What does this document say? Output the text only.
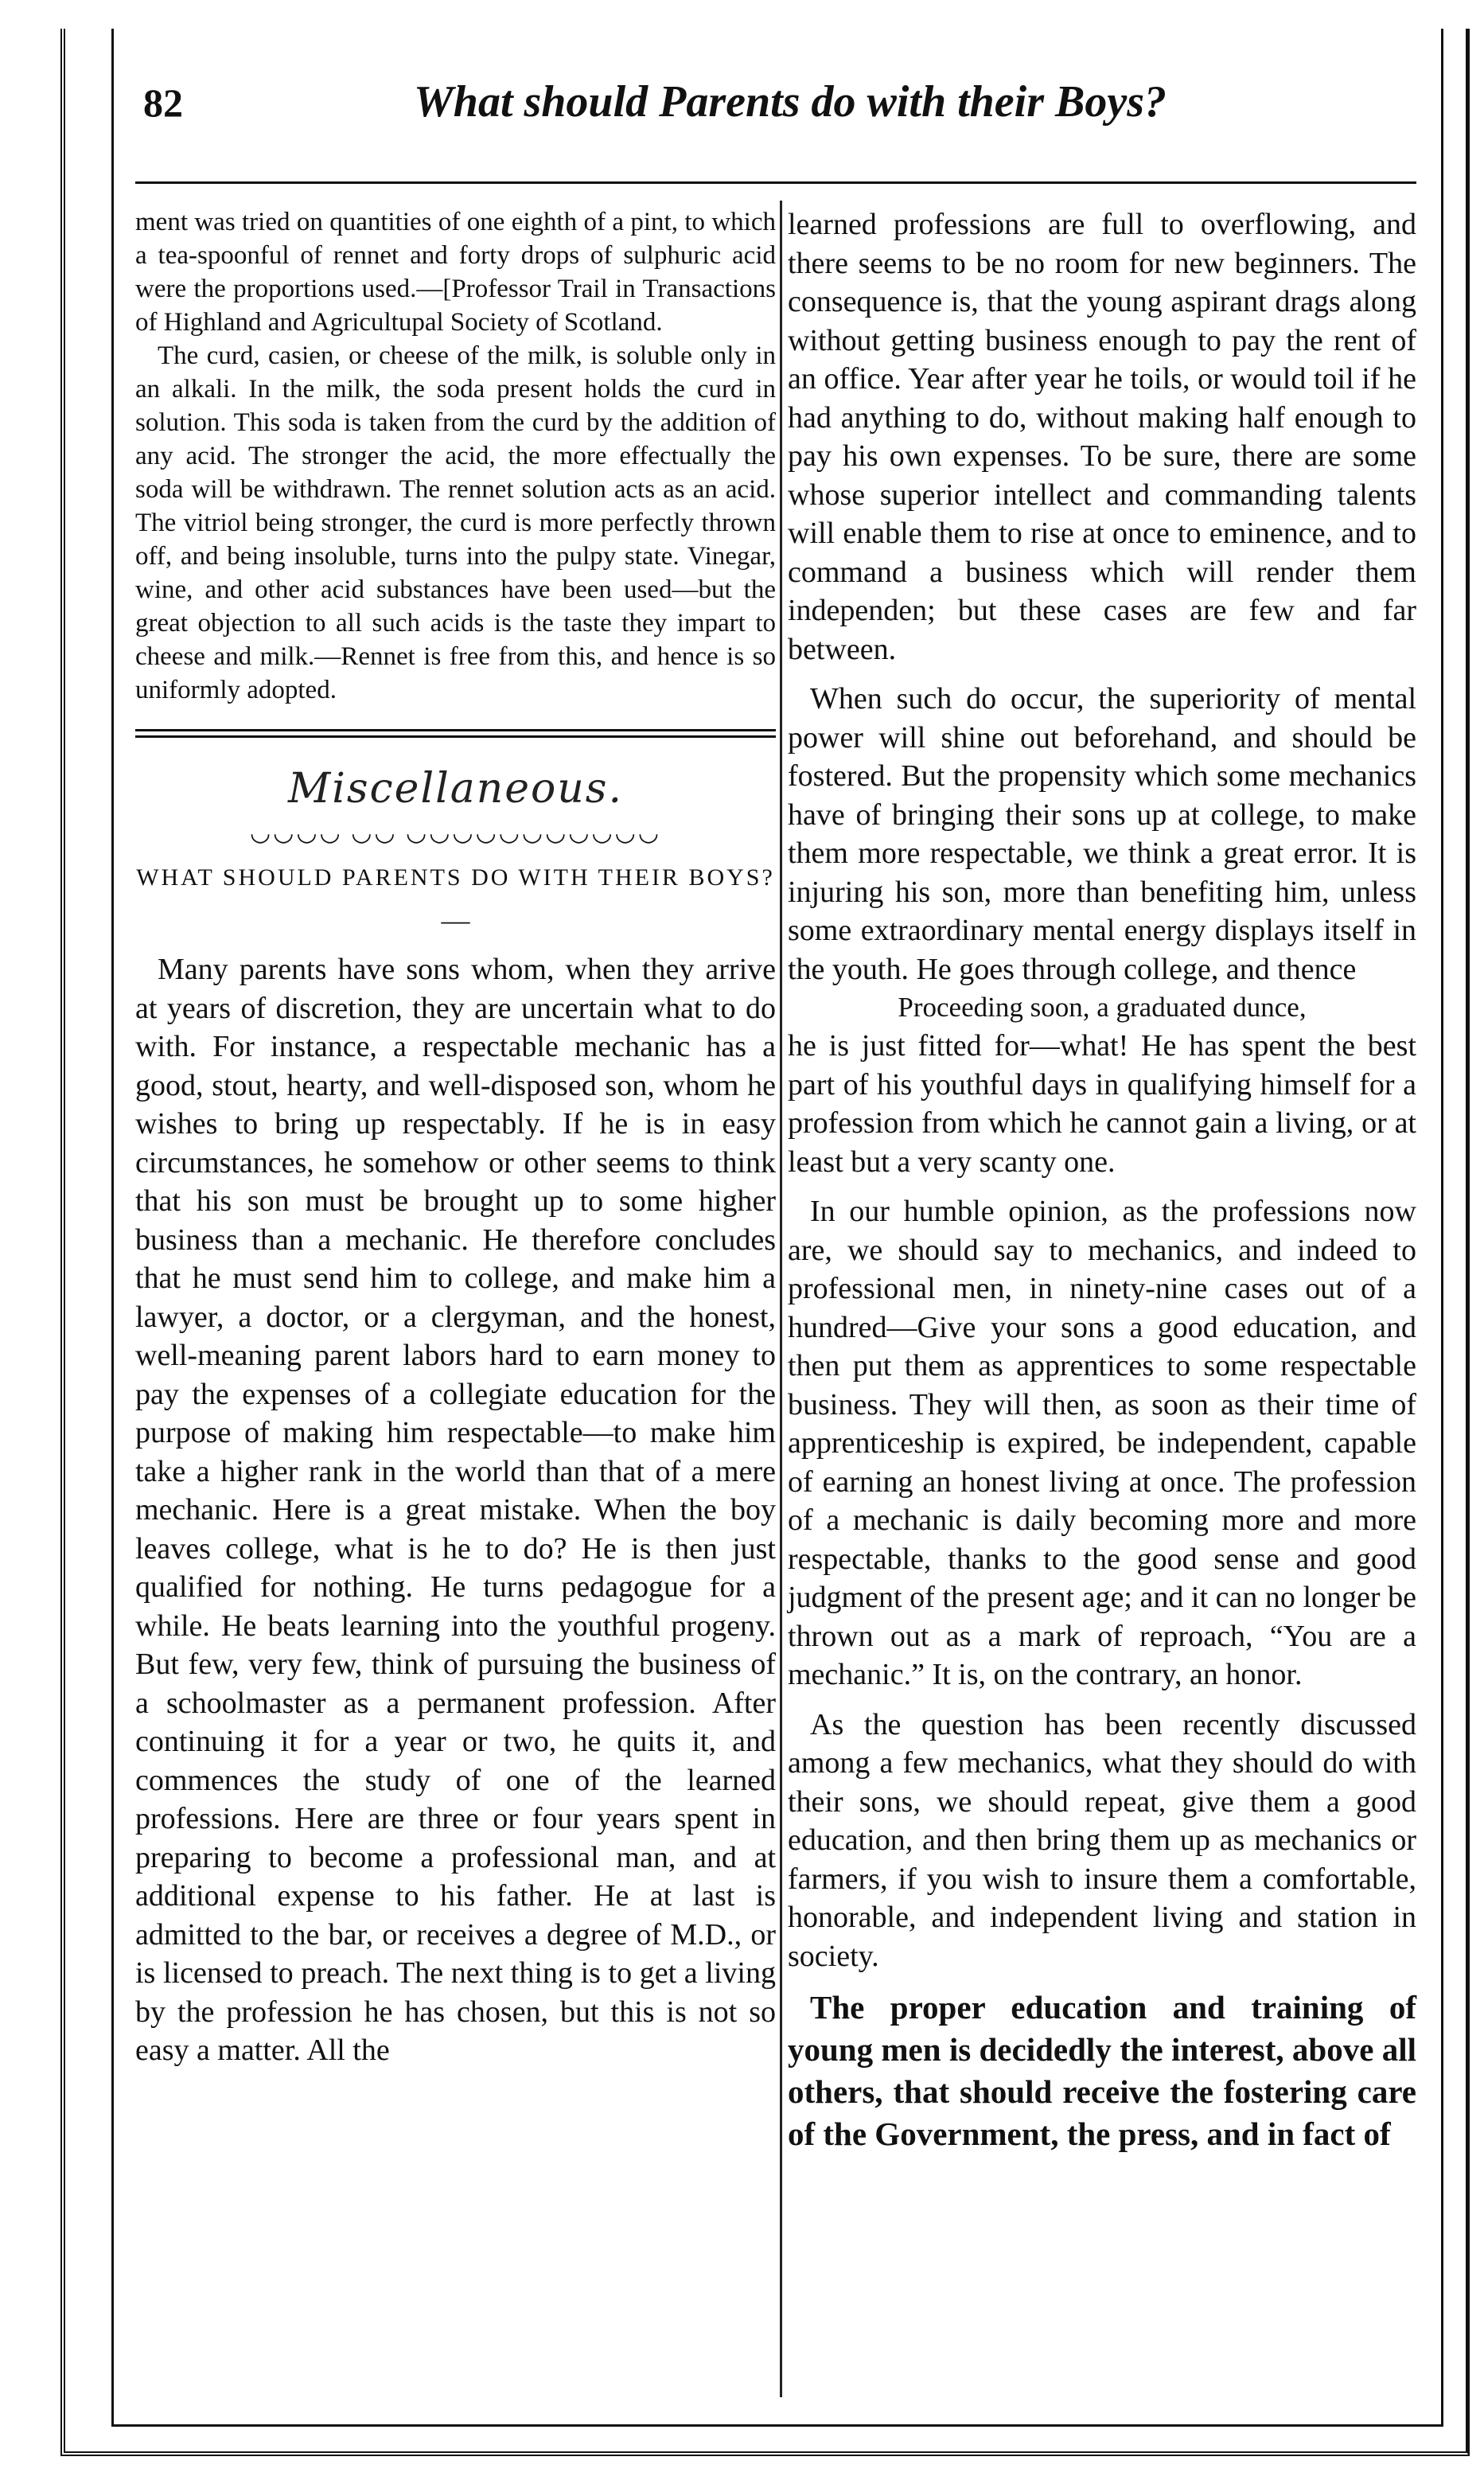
82	What should Parents do with their Boys?

ment was tried on quantities of one eighth of a pint, to which a tea-spoonful of rennet and forty drops of sulphuric acid were the proportions used.—[Professor Trail in Transactions of Highland and Agricultupal Society of Scotland.

The curd, casien, or cheese of the milk, is soluble only in an alkali. In the milk, the soda present holds the curd in solution. This soda is taken from the curd by the addition of any acid. The stronger the acid, the more effectually the soda will be withdrawn. The rennet solution acts as an acid. The vitriol being stronger, the curd is more perfectly thrown off, and being insoluble, turns into the pulpy state. Vinegar, wine, and other acid substances have been used—but the great objection to all such acids is the taste they impart to cheese and milk.—Rennet is free from this, and hence is so uniformly adopted.

Miscellaneous.
◡◡◡◡ ◡◡ ◡◡◡◡◡◡◡◡◡◡◡
WHAT SHOULD PARENTS DO WITH THEIR BOYS?
—

Many parents have sons whom, when they arrive at years of discretion, they are uncertain what to do with. For instance, a respectable mechanic has a good, stout, hearty, and well-disposed son, whom he wishes to bring up respectably. If he is in easy circumstances, he somehow or other seems to think that his son must be brought up to some higher business than a mechanic. He therefore concludes that he must send him to college, and make him a lawyer, a doctor, or a clergyman, and the honest, well-meaning parent labors hard to earn money to pay the expenses of a collegiate education for the purpose of making him respectable—to make him take a higher rank in the world than that of a mere mechanic. Here is a great mistake. When the boy leaves college, what is he to do? He is then just qualified for nothing. He turns pedagogue for a while. He beats learning into the youthful progeny. But few, very few, think of pursuing the business of a schoolmaster as a permanent profession. After continuing it for a year or two, he quits it, and commences the study of one of the learned professions. Here are three or four years spent in preparing to become a professional man, and at additional expense to his father. He at last is admitted to the bar, or receives a degree of M.D., or is licensed to preach. The next thing is to get a living by the profession he has chosen, but this is not so easy a matter. All the

learned professions are full to overflowing, and there seems to be no room for new beginners. The consequence is, that the young aspirant drags along without getting business enough to pay the rent of an office. Year after year he toils, or would toil if he had anything to do, without making half enough to pay his own expenses. To be sure, there are some whose superior intellect and commanding talents will enable them to rise at once to eminence, and to command a business which will render them independen; but these cases are few and far between.

When such do occur, the superiority of mental power will shine out beforehand, and should be fostered. But the propensity which some mechanics have of bringing their sons up at college, to make them more respectable, we think a great error. It is injuring his son, more than benefiting him, unless some extraordinary mental energy displays itself in the youth. He goes through college, and thence

Proceeding soon, a graduated dunce,

he is just fitted for—what! He has spent the best part of his youthful days in qualifying himself for a profession from which he cannot gain a living, or at least but a very scanty one.

In our humble opinion, as the professions now are, we should say to mechanics, and indeed to professional men, in ninety-nine cases out of a hundred—Give your sons a good education, and then put them as apprentices to some respectable business. They will then, as soon as their time of apprenticeship is expired, be independent, capable of earning an honest living at once. The profession of a mechanic is daily becoming more and more respectable, thanks to the good sense and good judgment of the present age; and it can no longer be thrown out as a mark of reproach, “You are a mechanic.” It is, on the contrary, an honor.

As the question has been recently discussed among a few mechanics, what they should do with their sons, we should repeat, give them a good education, and then bring them up as mechanics or farmers, if you wish to insure them a comfortable, honorable, and independent living and station in society.

The proper education and training of young men is decidedly the interest, above all others, that should receive the fostering care of the Government, the press, and in fact of
